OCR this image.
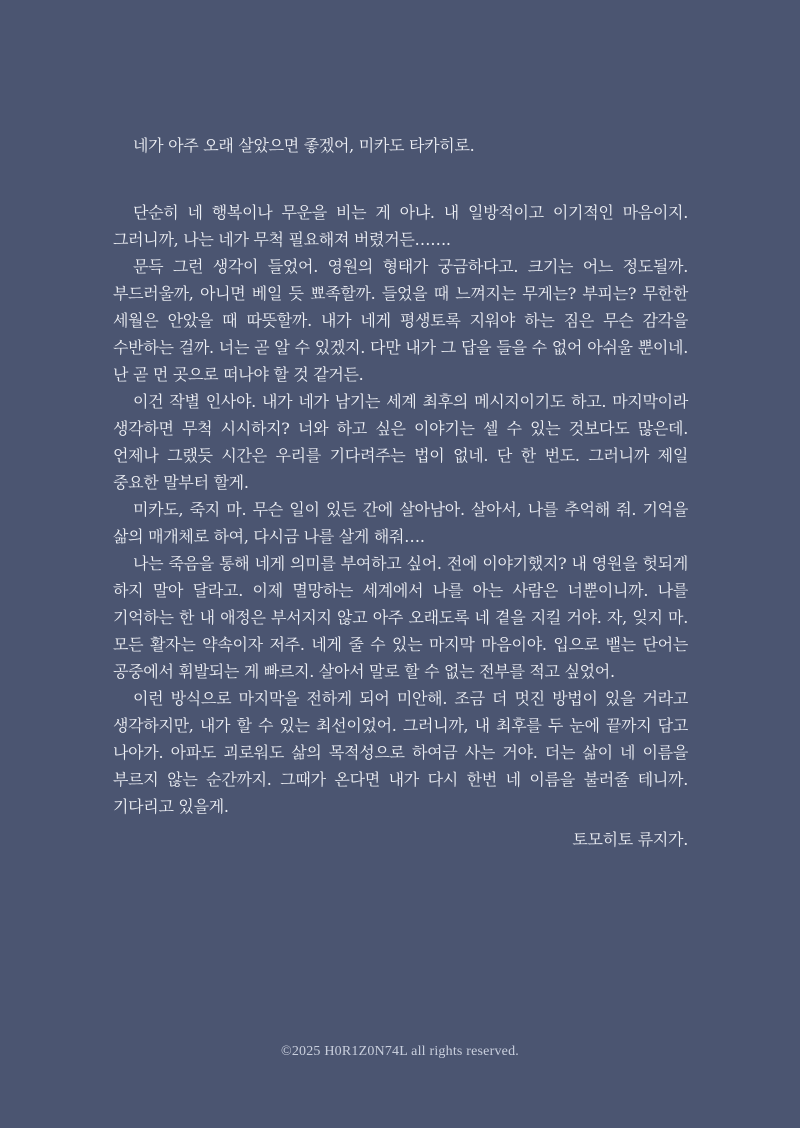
네가 아주 오래 살았으면 좋겠어, 미카도 타카히로.

단순히 네 행복이나 무운을 비는 게 아냐. 내 일방적이고 이기적인 마음이지. 그러니까, 나는 네가 무척 필요해져 버렸거든…….

문득 그런 생각이 들었어. 영원의 형태가 궁금하다고. 크기는 어느 정도될까. 부드러울까, 아니면 베일 듯 뾰족할까. 들었을 때 느껴지는 무게는? 부피는? 무한한 세월은 안았을 때 따뜻할까. 내가 네게 평생토록 지워야 하는 짐은 무슨 감각을 수반하는 걸까. 너는 곧 알 수 있겠지. 다만 내가 그 답을 들을 수 없어 아쉬울 뿐이네. 난 곧 먼 곳으로 떠나야 할 것 같거든.

이건 작별 인사야. 내가 네가 남기는 세계 최후의 메시지이기도 하고. 마지막이라 생각하면 무척 시시하지? 너와 하고 싶은 이야기는 셀 수 있는 것보다도 많은데. 언제나 그랬듯 시간은 우리를 기다려주는 법이 없네. 단 한 번도. 그러니까 제일 중요한 말부터 할게.

미카도, 죽지 마. 무슨 일이 있든 간에 살아남아. 살아서, 나를 추억해 줘. 기억을 삶의 매개체로 하여, 다시금 나를 살게 해줘….

나는 죽음을 통해 네게 의미를 부여하고 싶어. 전에 이야기했지? 내 영원을 헛되게 하지 말아 달라고. 이제 멸망하는 세계에서 나를 아는 사람은 너뿐이니까. 나를 기억하는 한 내 애정은 부서지지 않고 아주 오래도록 네 곁을 지킬 거야. 자, 잊지 마. 모든 활자는 약속이자 저주. 네게 줄 수 있는 마지막 마음이야. 입으로 뱉는 단어는 공중에서 휘발되는 게 빠르지. 살아서 말로 할 수 없는 전부를 적고 싶었어.

이런 방식으로 마지막을 전하게 되어 미안해. 조금 더 멋진 방법이 있을 거라고 생각하지만, 내가 할 수 있는 최선이었어. 그러니까, 내 최후를 두 눈에 끝까지 담고 나아가. 아파도 괴로워도 삶의 목적성으로 하여금 사는 거야. 더는 삶이 네 이름을 부르지 않는 순간까지. 그때가 온다면 내가 다시 한번 네 이름을 불러줄 테니까. 기다리고 있을게.

토모히토 류지가.

©2025 H0R1Z0N74L all rights reserved.
